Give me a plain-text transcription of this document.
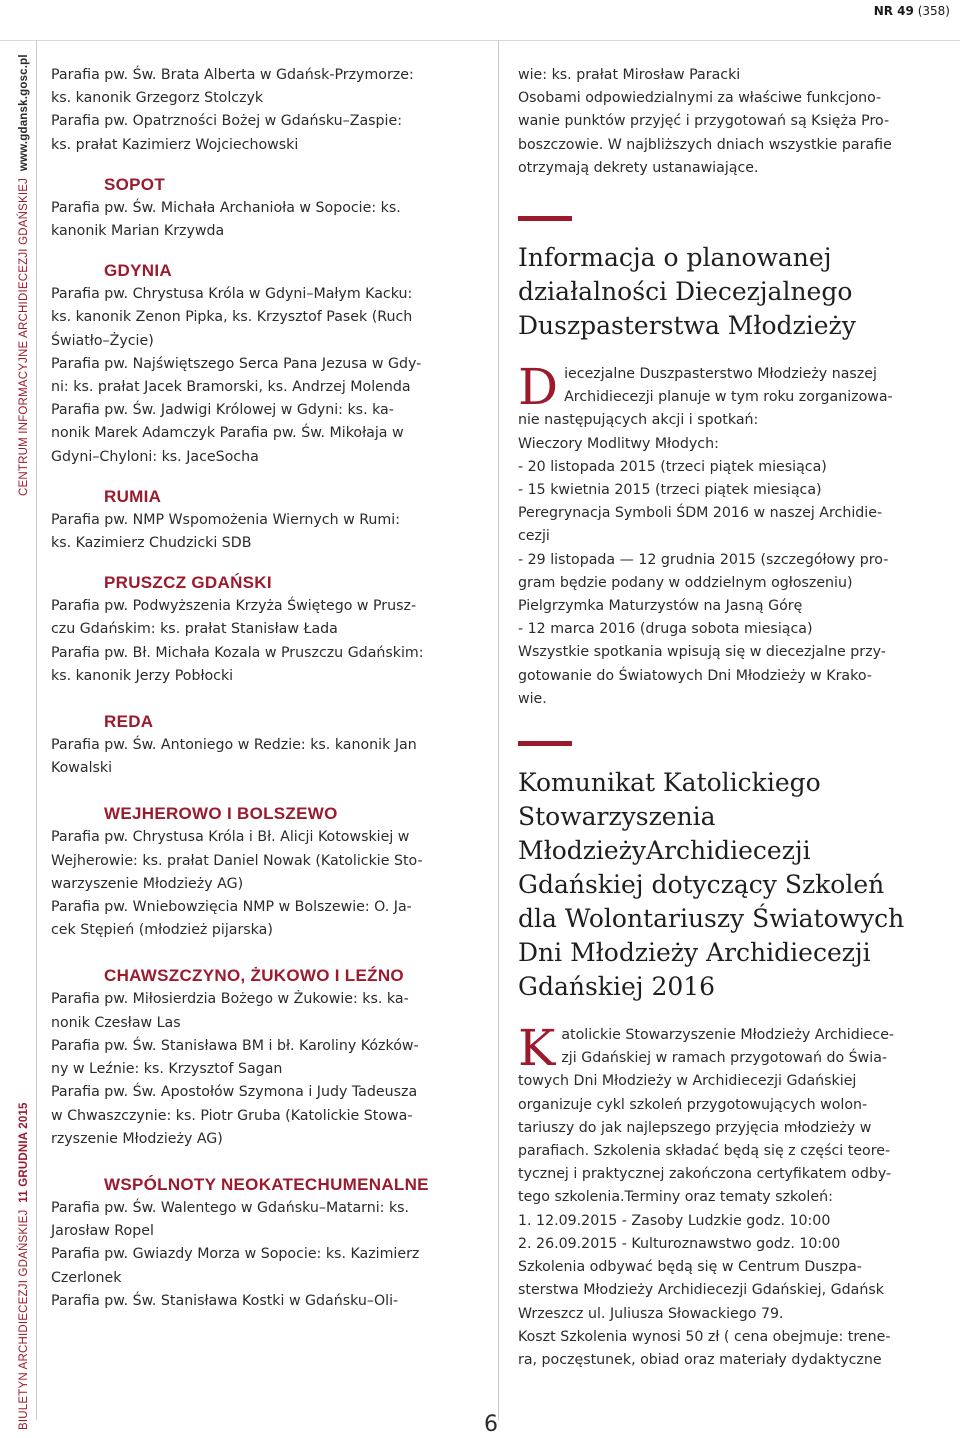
NR 49 (358)
CENTRUM INFORMACYJNE ARCHIDIECEZJI GDAŃSKIEJ  www.gdansk.gosc.pl
BIULETYN ARCHIDIECEZJI GDAŃSKIEJ  11 GRUDNIA 2015

Parafia pw. Św. Brata Alberta w Gdańsk-Przymorze:

ks. kanonik Grzegorz Stolczyk

Parafia pw. Opatrzności Bożej w Gdańsku–Zaspie:

ks. prałat Kazimierz Wojciechowski

SOPOT

Parafia pw. Św. Michała Archanioła w Sopocie: ks.

kanonik Marian Krzywda

GDYNIA

Parafia pw. Chrystusa Króla w Gdyni–Małym Kacku:

ks. kanonik Zenon Pipka, ks. Krzysztof Pasek (Ruch

Światło–Życie)

Parafia pw. Najświętszego Serca Pana Jezusa w Gdy-

ni: ks. prałat Jacek Bramorski, ks. Andrzej Molenda

Parafia pw. Św. Jadwigi Królowej w Gdyni: ks. ka-

nonik Marek Adamczyk Parafia pw. Św. Mikołaja w

Gdyni–Chyloni: ks. JaceSocha

RUMIA

Parafia pw. NMP Wspomożenia Wiernych w Rumi:

ks. Kazimierz Chudzicki SDB

PRUSZCZ GDAŃSKI

Parafia pw. Podwyższenia Krzyża Świętego w Prusz-

czu Gdańskim: ks. prałat Stanisław Łada

Parafia pw. Bł. Michała Kozala w Pruszczu Gdańskim:

ks. kanonik Jerzy Pobłocki

REDA

Parafia pw. Św. Antoniego w Redzie: ks. kanonik Jan

Kowalski

WEJHEROWO I BOLSZEWO

Parafia pw. Chrystusa Króla i Bł. Alicji Kotowskiej w

Wejherowie: ks. prałat Daniel Nowak (Katolickie Sto-

warzyszenie Młodzieży AG)

Parafia pw. Wniebowzięcia NMP w Bolszewie: O. Ja-

cek Stępień (młodzież pijarska)

CHAWSZCZYNO, ŻUKOWO I LEŹNO

Parafia pw. Miłosierdzia Bożego w Żukowie: ks. ka-

nonik Czesław Las

Parafia pw. Św. Stanisława BM i bł. Karoliny Kózków-

ny w Leźnie: ks. Krzysztof Sagan

Parafia pw. Św. Apostołów Szymona i Judy Tadeusza

w Chwaszczynie: ks. Piotr Gruba (Katolickie Stowa-

rzyszenie Młodzieży AG)

WSPÓLNOTY NEOKATECHUMENALNE

Parafia pw. Św. Walentego w Gdańsku–Matarni: ks.

Jarosław Ropel

Parafia pw. Gwiazdy Morza w Sopocie: ks. Kazimierz

Czerlonek

Parafia pw. Św. Stanisława Kostki w Gdańsku–Oli-

wie: ks. prałat Mirosław Paracki

Osobami odpowiedzialnymi za właściwe funkcjono-

wanie punktów przyjęć i przygotowań są Księża Pro-

boszczowie. W najbliższych dniach wszystkie parafie

otrzymają dekrety ustanawiające.

Informacja o planowanej
działalności Diecezjalnego
Duszpasterstwa Młodzieży
D iecezjalne Duszpasterstwo Młodzieży naszej

Archidiecezji planuje w tym roku zorganizowa-

nie następujących akcji i spotkań:

Wieczory Modlitwy Młodych:

- 20 listopada 2015 (trzeci piątek miesiąca)

- 15 kwietnia 2015 (trzeci piątek miesiąca)

Peregrynacja Symboli ŚDM 2016 w naszej Archidie-

cezji

- 29 listopada — 12 grudnia 2015 (szczegółowy pro-

gram będzie podany w oddzielnym ogłoszeniu)

Pielgrzymka Maturzystów na Jasną Górę

- 12 marca 2016 (druga sobota miesiąca)

Wszystkie spotkania wpisują się w diecezjalne przy-

gotowanie do Światowych Dni Młodzieży w Krako-

wie.

Komunikat Katolickiego
Stowarzyszenia
MłodzieżyArchidiecezji
Gdańskiej dotyczący Szkoleń
dla Wolontariuszy Światowych
Dni Młodzieży Archidiecezji
Gdańskiej 2016
K atolickie Stowarzyszenie Młodzieży Archidiece-

zji Gdańskiej w ramach przygotowań do Świa-

towych Dni Młodzieży w Archidiecezji Gdańskiej

organizuje cykl szkoleń przygotowujących wolon-

tariuszy do jak najlepszego przyjęcia młodzieży w

parafiach. Szkolenia składać będą się z części teore-

tycznej i praktycznej zakończona certyfikatem odby-

tego szkolenia.Terminy oraz tematy szkoleń:

1. 12.09.2015 - Zasoby Ludzkie godz. 10:00

2. 26.09.2015 - Kulturoznawstwo godz. 10:00

Szkolenia odbywać będą się w Centrum Duszpa-

sterstwa Młodzieży Archidiecezji Gdańskiej, Gdańsk

Wrzeszcz ul. Juliusza Słowackiego 79.

Koszt Szkolenia wynosi 50 zł ( cena obejmuje: trene-

ra, poczęstunek, obiad oraz materiały dydaktyczne

6
